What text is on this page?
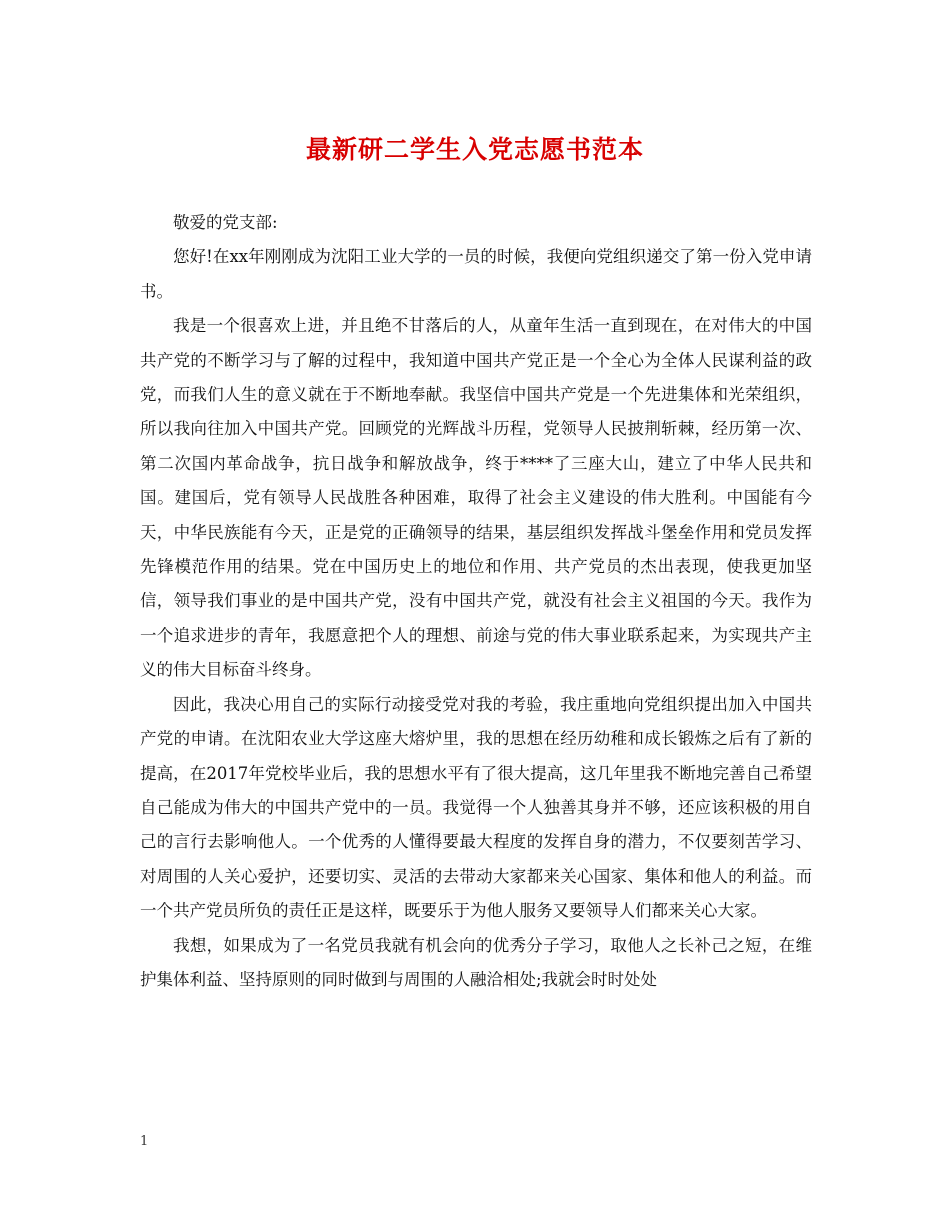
最新研二学生入党志愿书范本

敬爱的党支部:

您好!在xx年刚刚成为沈阳工业大学的一员的时候，我便向党组织递交了第一份入党申请书。

我是一个很喜欢上进，并且绝不甘落后的人，从童年生活一直到现在，在对伟大的中国共产党的不断学习与了解的过程中，我知道中国共产党正是一个全心为全体人民谋利益的政党，而我们人生的意义就在于不断地奉献。我坚信中国共产党是一个先进集体和光荣组织，所以我向往加入中国共产党。回顾党的光辉战斗历程，党领导人民披荆斩棘，经历第一次、第二次国内革命战争，抗日战争和解放战争，终于****了三座大山，建立了中华人民共和国。建国后，党有领导人民战胜各种困难，取得了社会主义建设的伟大胜利。中国能有今天，中华民族能有今天，正是党的正确领导的结果，基层组织发挥战斗堡垒作用和党员发挥先锋模范作用的结果。党在中国历史上的地位和作用、共产党员的杰出表现，使我更加坚信，领导我们事业的是中国共产党，没有中国共产党，就没有社会主义祖国的今天。我作为一个追求进步的青年，我愿意把个人的理想、前途与党的伟大事业联系起来，为实现共产主义的伟大目标奋斗终身。

因此，我决心用自己的实际行动接受党对我的考验，我庄重地向党组织提出加入中国共产党的申请。在沈阳农业大学这座大熔炉里，我的思想在经历幼稚和成长锻炼之后有了新的提高，在2017年党校毕业后，我的思想水平有了很大提高，这几年里我不断地完善自己希望自己能成为伟大的中国共产党中的一员。我觉得一个人独善其身并不够，还应该积极的用自己的言行去影响他人。一个优秀的人懂得要最大程度的发挥自身的潜力，不仅要刻苦学习、对周围的人关心爱护，还要切实、灵活的去带动大家都来关心国家、集体和他人的利益。而一个共产党员所负的责任正是这样，既要乐于为他人服务又要领导人们都来关心大家。

我想，如果成为了一名党员我就有机会向的优秀分子学习，取他人之长补己之短，在维护集体利益、坚持原则的同时做到与周围的人融洽相处;我就会时时处处

1
